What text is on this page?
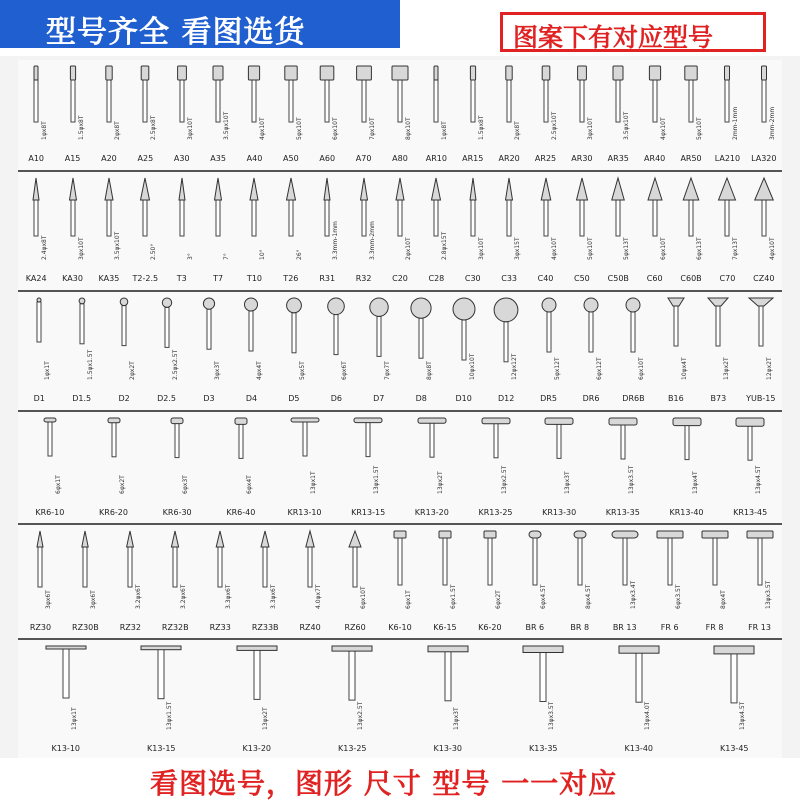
型号齐全 看图选货	图案下有对应型号
1φx8T
A10
1.5φx8T
A15
2φx8T
A20
2.5φx8T
A25
3φx10T
A30
3.5φx10T
A35
4φx10T
A40
5φx10T
A50
6φx10T
A60
7φx10T
A70
8φx10T
A80
1φx8T
AR10
1.5φx8T
AR15
2φx8T
AR20
2.5φx10T
AR25
3φx10T
AR30
3.5φx10T
AR35
4φx10T
AR40
5φx10T
AR50
2mm-1mm
LA210
3mm-2mm
LA320
2.4φx8T
KA24
3φx10T
KA30
3.5φx10T
KA35
2.50°
T2-2.5
3°
T3
7°
T7
10°
T10
26°
T26
3.3mm-1mm
R31
3.3mm-2mm
R32
2φx10T
C20
2.8φx15T
C28
3φx10T
C30
3φx15T
C33
4φx10T
C40
5φx10T
C50
5φx13T
C50B
6φx10T
C60
6φx13T
C60B
7φx13T
C70
4φx10T
CZ40
1φx1T
D1
1.5φx1.5T
D1.5
2φx2T
D2
2.5φx2.5T
D2.5
3φx3T
D3
4φx4T
D4
5φx5T
D5
6φx6T
D6
7φx7T
D7
8φx8T
D8
10φx10T
D10
12φx12T
D12
5φx12T
DR5
6φx12T
DR6
6φx10T
DR6B
10φx4T
B16
13φx2T
B73
12φx2T
YUB-15
6φx1T
KR6-10
6φx2T
KR6-20
6φx3T
KR6-30
6φx4T
KR6-40
13φx1T
KR13-10
13φx1.5T
KR13-15
13φx2T
KR13-20
13φx2.5T
KR13-25
13φx3T
KR13-30
13φx3.5T
KR13-35
13φx4T
KR13-40
13φx4.5T
KR13-45
3φx6T
RZ30
3φx6T
RZ30B
3.2φx6T
RZ32
3.2φx6T
RZ32B
3.3φx6T
RZ33
3.3φx6T
RZ33B
4.0φx7T
RZ40
6φx10T
RZ60
6φx1T
K6-10
6φx1.5T
K6-15
6φx2T
K6-20
6φx4.5T
BR 6
8φx4.5T
BR 8
13φx3.4T
BR 13
6φx3.5T
FR 6
8φx4T
FR 8
13φx3.5T
FR 13
13φx1T
K13-10
13φx1.5T
K13-15
13φx2T
K13-20
13φx2.5T
K13-25
13φx3T
K13-30
13φx3.5T
K13-35
13φx4.0T
K13-40
13φx4.5T
K13-45
看图选号，图形 尺寸 型号 一一对应
